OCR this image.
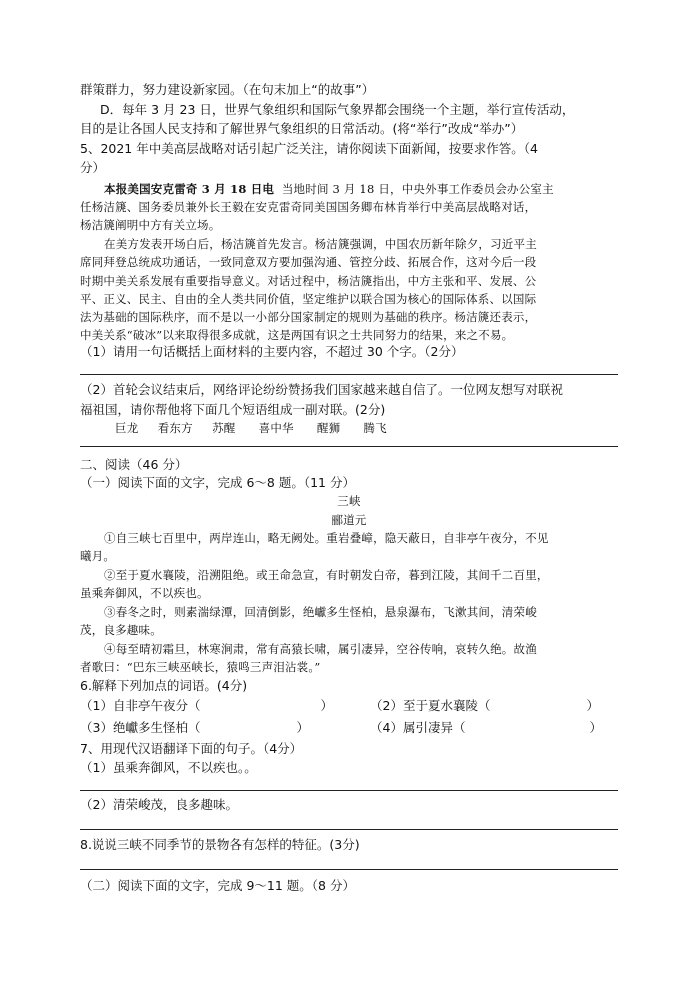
群策群力，努力建设新家园。（在句末加上“的故事”）
D．每年 3 月 23 日，世界气象组织和国际气象界都会围绕一个主题，举行宣传活动，
目的是让各国人民支持和了解世界气象组织的日常活动。(将“举行”改成“举办”）
5、2021 年中美高层战略对话引起广泛关注，请你阅读下面新闻，按要求作答。（4
分）
本报美国安克雷奇 3 月 18 日电 当地时间 3 月 18 日，中央外事工作委员会办公室主
任杨洁篪、国务委员兼外长王毅在安克雷奇同美国国务卿布林肯举行中美高层战略对话，
杨洁篪阐明中方有关立场。
在美方发表开场白后，杨洁篪首先发言。杨洁篪强调，中国农历新年除夕，习近平主
席同拜登总统成功通话，一致同意双方要加强沟通、管控分歧、拓展合作，这对今后一段
时期中美关系发展有重要指导意义。对话过程中，杨洁篪指出，中方主张和平、发展、公
平、正义、民主、自由的全人类共同价值，坚定维护以联合国为核心的国际体系、以国际
法为基础的国际秩序，而不是以一小部分国家制定的规则为基础的秩序。杨洁篪还表示，
中美关系“破冰”以来取得很多成就，这是两国有识之士共同努力的结果，来之不易。
（1）请用一句话概括上面材料的主要内容，不超过 30 个字。（2分）
（2）首轮会议结束后，网络评论纷纷赞扬我们国家越来越自信了。一位网友想写对联祝
福祖国，请你帮他将下面几个短语组成一副对联。(2分)
巨龙 看东方 苏醒 喜中华 醒狮 腾飞
二、阅读（46 分）
（一）阅读下面的文字，完成 6～8 题。（11 分）
三峡
郦道元
①自三峡七百里中，两岸连山，略无阙处。重岩叠嶂，隐天蔽日，自非亭午夜分，不见
曦月。
②至于夏水襄陵，沿溯阻绝。或王命急宣，有时朝发白帝，暮到江陵，其间千二百里，
虽乘奔御风，不以疾也。
③春冬之时，则素湍绿潭，回清倒影，绝巘多生怪柏，悬泉瀑布，飞漱其间，清荣峻
茂，良多趣味。
④每至晴初霜旦，林寒涧肃，常有高猿长啸，属引凄异，空谷传响，哀转久绝。故渔
者歌曰：“巴东三峡巫峡长，猿鸣三声泪沾裳。”
6.解释下列加点的词语。(4分)
（1）自非亭午夜分（	）	（2）至于夏水襄陵（	）
（3）绝巘多生怪柏（	）	（4）属引凄异（	）
7、用现代汉语翻译下面的句子。（4分）
（1）虽乘奔御风，不以疾也。。
（2）清荣峻茂，良多趣味。
8.说说三峡不同季节的景物各有怎样的特征。(3分)
（二）阅读下面的文字，完成 9～11 题。（8 分）
